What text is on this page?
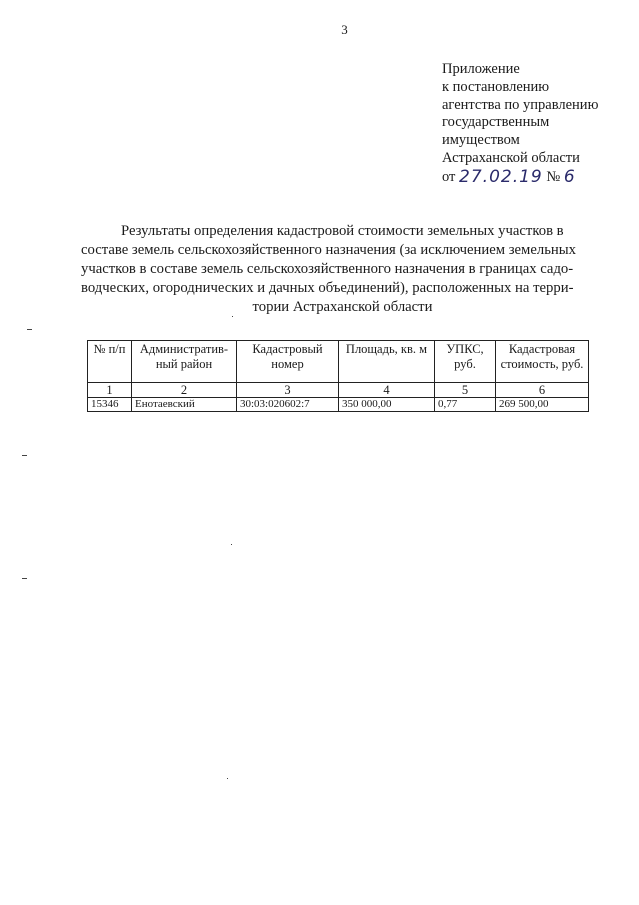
3
Приложение
к постановлению
агентства по управлению
государственным
имуществом
Астраханской области
от 27.02.19 № 6
Результаты определения кадастровой стоимости земельных участков в
составе земель сельскохозяйственного назначения (за исключением земельных
участков в составе земель сельскохозяйственного назначения в границах садо-
водческих, огороднических и дачных объединений), расположенных на терри-
тории Астраханской области
№ п/п	Административ-ный район	Кадастровый номер	Площадь, кв. м	УПКС, руб.	Кадастровая стоимость, руб.
1	2	3	4	5	6
15346	Енотаевский	30:03:020602:7	350 000,00	0,77	269 500,00
